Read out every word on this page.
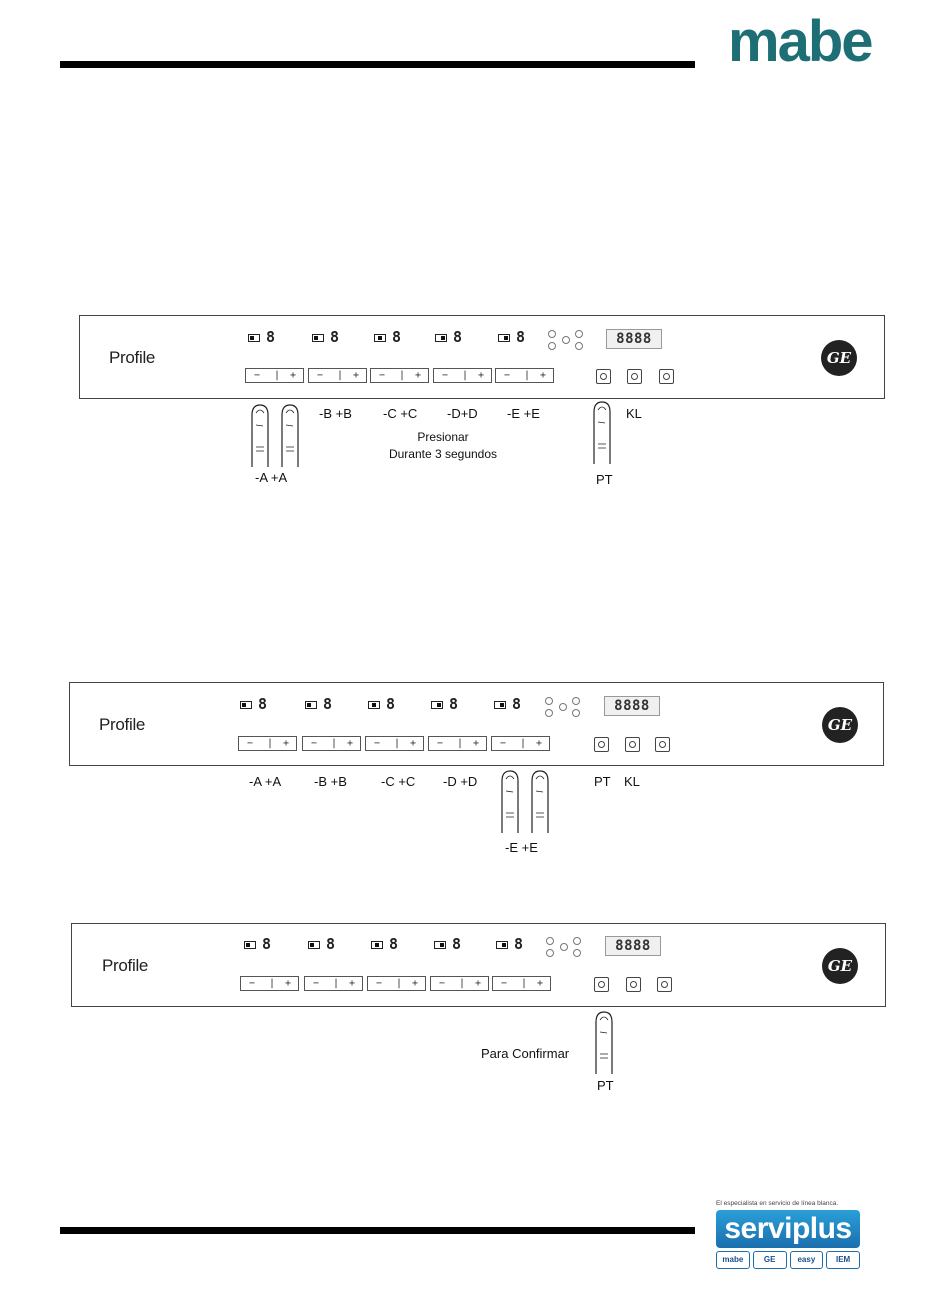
mabe
Profile
8	8	8	8	8	8888
− | + − | + − | + − | + − | +
GE
-A +A
-B +B -C +C -D+D -E +E	KL
PT
Presionar
Durante 3 segundos
Profile
8	8	8	8	8	8888
− | + − | + − | + − | + − | +
GE
-A +A	-B +B	-C +C -D +D	PT KL
-E +E
Profile
8	8	8	8	8	8888
− | + − | + − | + − | + − | +
GE
Para Confirmar
PT
El especialista en servicio de línea blanca.
serviplus
mabe	GE	easy	IEM
